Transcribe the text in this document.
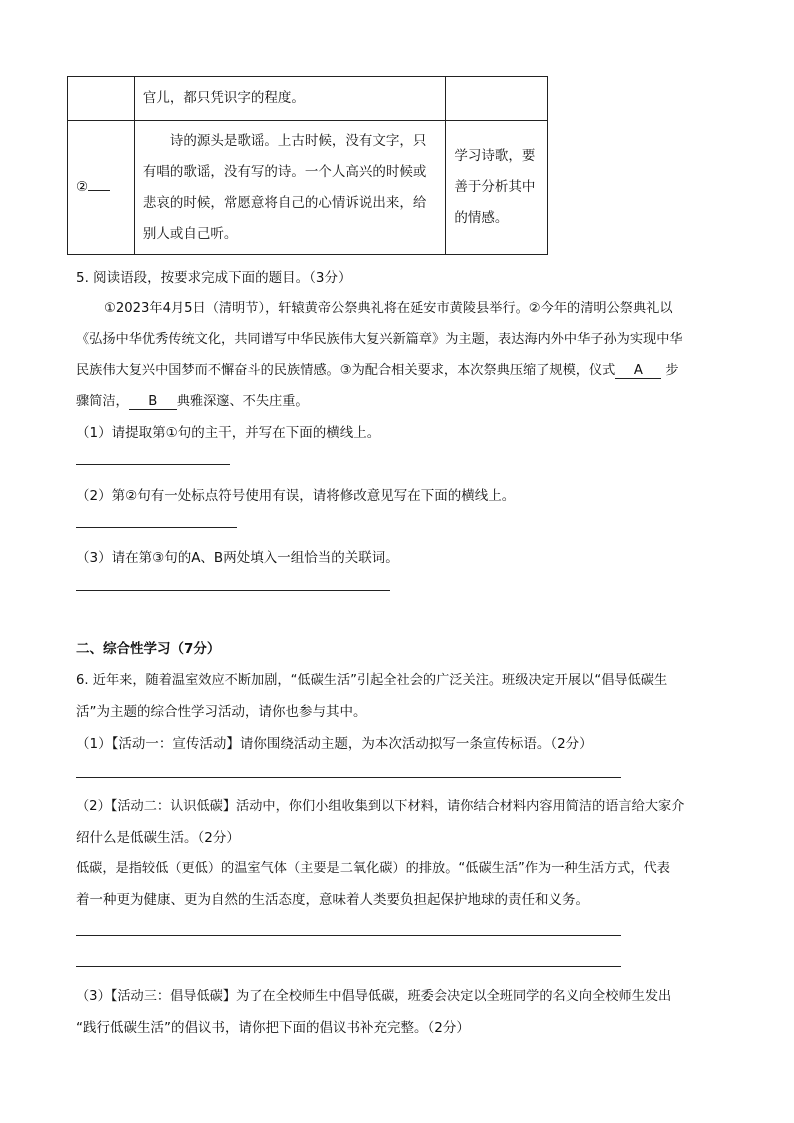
	官儿，都只凭识字的程度。	
②	诗的源头是歌谣。上古时候，没有文字，只有唱的歌谣，没有写的诗。一个人高兴的时候或悲哀的时候，常愿意将自己的心情诉说出来，给别人或自己听。	学习诗歌，要善于分析其中的情感。
5. 阅读语段，按要求完成下面的题目。（3分）
①2023年4月5日（清明节），轩辕黄帝公祭典礼将在延安市黄陵县举行。②今年的清明公祭典礼以
《弘扬中华优秀传统文化，共同谱写中华民族伟大复兴新篇章》为主题，表达海内外中华子孙为实现中华
民族伟大复兴中国梦而不懈奋斗的民族情感。③为配合相关要求，本次祭典压缩了规模，仪式 A 步
骤简洁， B 典雅深邃、不失庄重。
（1）请提取第①句的主干，并写在下面的横线上。
（2）第②句有一处标点符号使用有误，请将修改意见写在下面的横线上。
（3）请在第③句的A、B两处填入一组恰当的关联词。
二、综合性学习（7分）
6. 近年来，随着温室效应不断加剧，“低碳生活”引起全社会的广泛关注。班级决定开展以“倡导低碳生
活”为主题的综合性学习活动，请你也参与其中。
（1）【活动一：宣传活动】请你围绕活动主题，为本次活动拟写一条宣传标语。（2分）
（2）【活动二：认识低碳】活动中，你们小组收集到以下材料，请你结合材料内容用简洁的语言给大家介
绍什么是低碳生活。（2分）
低碳，是指较低（更低）的温室气体（主要是二氧化碳）的排放。“低碳生活”作为一种生活方式，代表
着一种更为健康、更为自然的生活态度，意味着人类要负担起保护地球的责任和义务。
（3）【活动三：倡导低碳】为了在全校师生中倡导低碳，班委会决定以全班同学的名义向全校师生发出
“践行低碳生活”的倡议书，请你把下面的倡议书补充完整。（2分）
